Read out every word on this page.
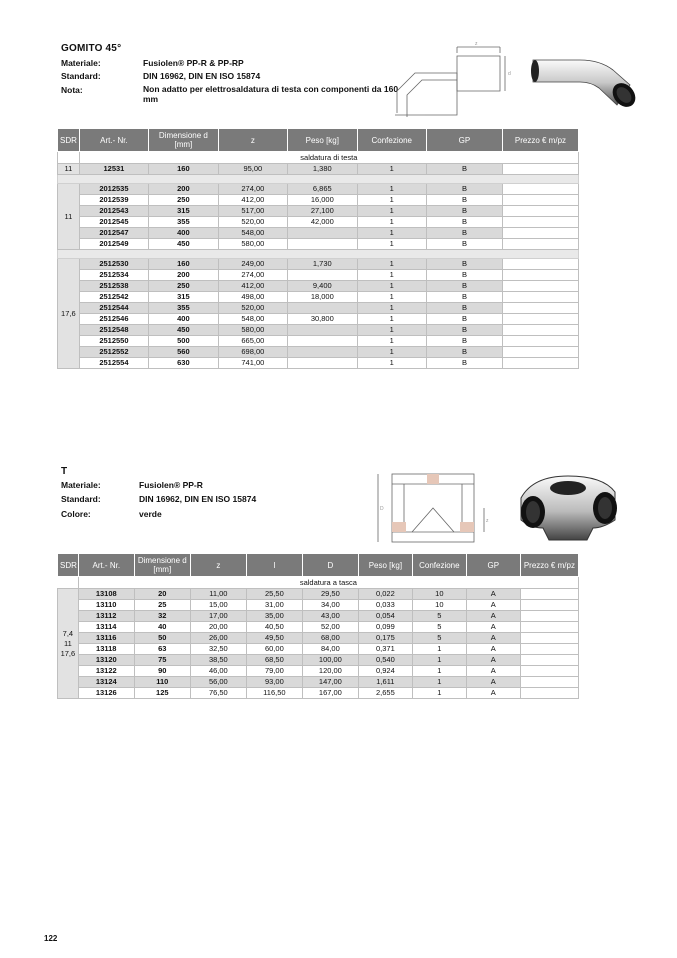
GOMITO 45°
Materiale:	Fusiolen® PP-R & PP-RP
Standard:	DIN 16962, DIN EN ISO 15874
Nota:	Non adatto per elettrosaldatura di testa con componenti da 160 mm
z
d
SDR	Art.- Nr.	Dimensione d [mm]	z	Peso [kg]	Confezione	GP	Prezzo € m/pz
	saldatura di testa						
11	12531	160	95,00	1,380	1	B	

11	2012535	200	274,00	6,865	1	B	
	2012539	250	412,00	16,000	1	B	
	2012543	315	517,00	27,100	1	B	
	2012545	355	520,00	42,000	1	B	
	2012547	400	548,00		1	B	
	2012549	450	580,00		1	B	

17,6	2512530	160	249,00	1,730	1	B	
	2512534	200	274,00		1	B	
	2512538	250	412,00	9,400	1	B	
	2512542	315	498,00	18,000	1	B	
	2512544	355	520,00		1	B	
	2512546	400	548,00	30,800	1	B	
	2512548	450	580,00		1	B	
	2512550	500	665,00		1	B	
	2512552	560	698,00		1	B	
	2512554	630	741,00		1	B	
T
Materiale:	Fusiolen® PP-R
Standard:	DIN 16962, DIN EN ISO 15874
Colore:	verde	D
z
SDR	Art.- Nr.	Dimensione d [mm]	z	l	D	Peso [kg]	Confezione	GP	Prezzo € m/pz
	saldatura a tasca								
7,4
11
17,6	13108	20	11,00	25,50	29,50	0,022	10	A	
	13110	25	15,00	31,00	34,00	0,033	10	A	
	13112	32	17,00	35,00	43,00	0,054	5	A	
	13114	40	20,00	40,50	52,00	0,099	5	A	
	13116	50	26,00	49,50	68,00	0,175	5	A	
	13118	63	32,50	60,00	84,00	0,371	1	A	
	13120	75	38,50	68,50	100,00	0,540	1	A	
	13122	90	46,00	79,00	120,00	0,924	1	A	
	13124	110	56,00	93,00	147,00	1,611	1	A	
	13126	125	76,50	116,50	167,00	2,655	1	A	
122
